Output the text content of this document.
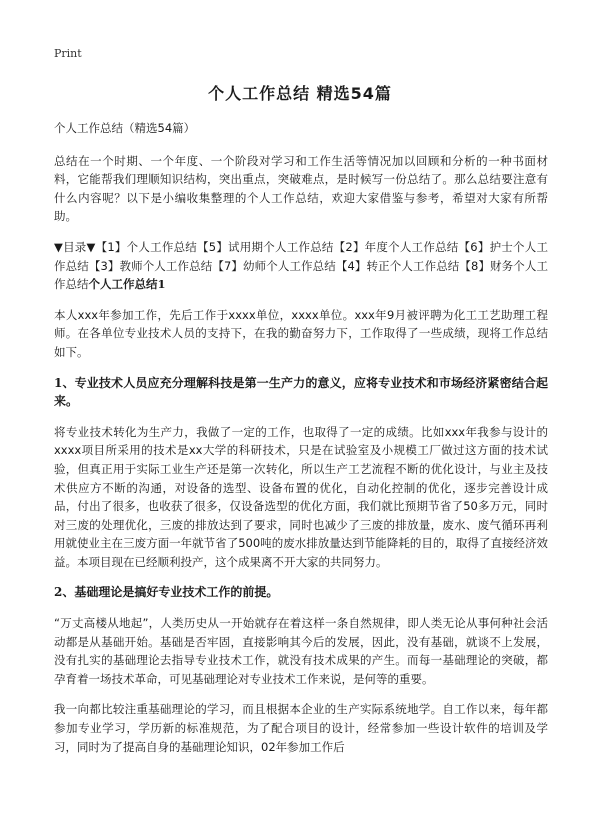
Print
个人工作总结 精选54篇

个人工作总结（精选54篇）

总结在一个时期、一个年度、一个阶段对学习和工作生活等情况加以回顾和分析的一种书面材料，它能帮我们理顺知识结构，突出重点，突破难点，是时候写一份总结了。那么总结要注意有什么内容呢？以下是小编收集整理的个人工作总结，欢迎大家借鉴与参考，希望对大家有所帮助。

▼目录▼【1】个人工作总结【5】试用期个人工作总结【2】年度个人工作总结【6】护士个人工作总结【3】教师个人工作总结【7】幼师个人工作总结【4】转正个人工作总结【8】财务个人工作总结个人工作总结1

本人xxx年参加工作，先后工作于xxxx单位，xxxx单位。xxx年9月被评聘为化工工艺助理工程师。在各单位专业技术人员的支持下，在我的勤奋努力下，工作取得了一些成绩，现将工作总结如下。

1、专业技术人员应充分理解科技是第一生产力的意义，应将专业技术和市场经济紧密结合起来。

将专业技术转化为生产力，我做了一定的工作，也取得了一定的成绩。比如xxx年我参与设计的xxxx项目所采用的技术是xx大学的科研技术，只是在试验室及小规模工厂做过这方面的技术试验，但真正用于实际工业生产还是第一次转化，所以生产工艺流程不断的优化设计，与业主及技术供应方不断的沟通，对设备的选型、设备布置的优化，自动化控制的优化，逐步完善设计成品，付出了很多，也收获了很多，仅设备选型的优化方面，我们就比预期节省了50多万元，同时对三废的处理优化，三废的排放达到了要求，同时也减少了三废的排放量，废水、废气循环再利用就使业主在三废方面一年就节省了500吨的废水排放量达到节能降耗的目的，取得了直接经济效益。本项目现在已经顺利投产，这个成果离不开大家的共同努力。

2、基础理论是搞好专业技术工作的前提。

“万丈高楼从地起”，人类历史从一开始就存在着这样一条自然规律，即人类无论从事何种社会活动都是从基础开始。基础是否牢固，直接影响其今后的发展，因此，没有基础，就谈不上发展，没有扎实的基础理论去指导专业技术工作，就没有技术成果的产生。而每一基础理论的突破，都孕育着一场技术革命，可见基础理论对专业技术工作来说，是何等的重要。

我一向都比较注重基础理论的学习，而且根据本企业的生产实际系统地学。自工作以来，每年都参加专业学习，学历新的标准规范，为了配合项目的设计，经常参加一些设计软件的培训及学习，同时为了提高自身的基础理论知识，02年参加工作后
